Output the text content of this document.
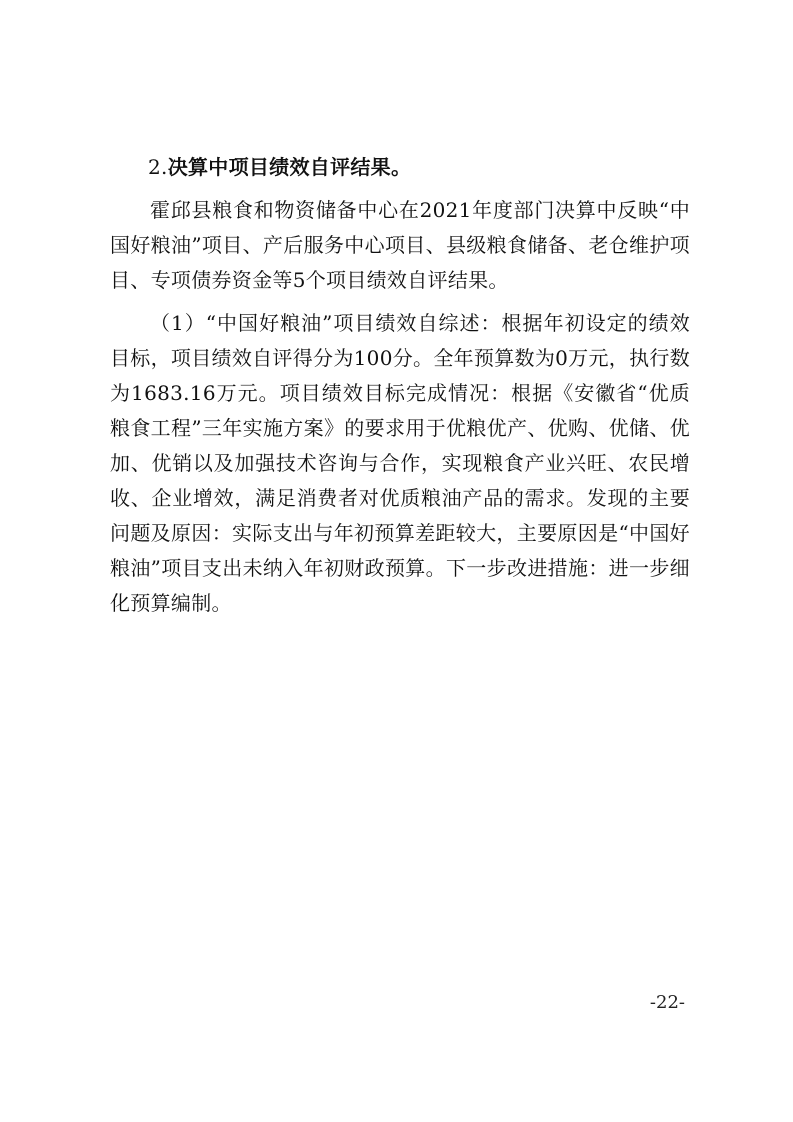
2.决算中项目绩效自评结果。

霍邱县粮食和物资储备中心在2021年度部门决算中反映“中国好粮油”项目、产后服务中心项目、县级粮食储备、老仓维护项目、专项债券资金等5个项目绩效自评结果。

（1）“中国好粮油”项目绩效自综述：根据年初设定的绩效目标，项目绩效自评得分为100分。全年预算数为0万元，执行数为1683.16万元。项目绩效目标完成情况：根据《安徽省“优质粮食工程”三年实施方案》的要求用于优粮优产、优购、优储、优加、优销以及加强技术咨询与合作，实现粮食产业兴旺、农民增收、企业增效，满足消费者对优质粮油产品的需求。发现的主要问题及原因：实际支出与年初预算差距较大，主要原因是“中国好粮油”项目支出未纳入年初财政预算。下一步改进措施：进一步细化预算编制。

-22-
